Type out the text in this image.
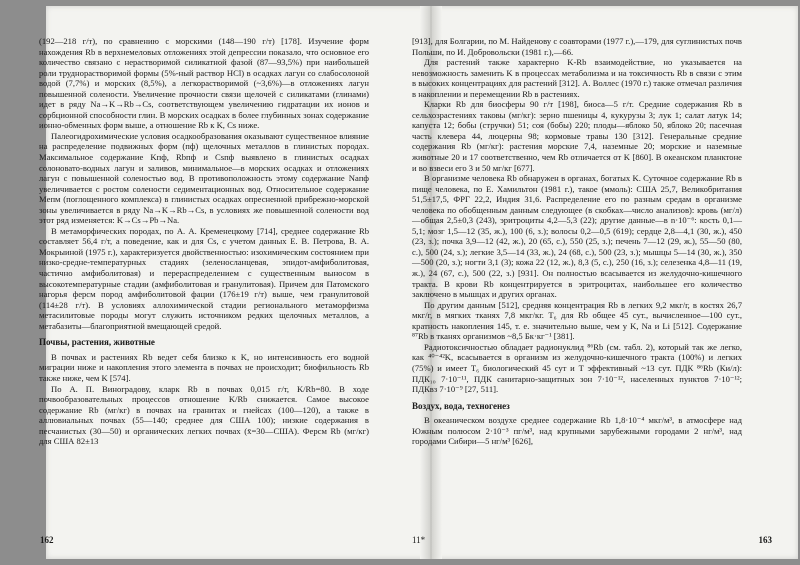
(192—218 г/т), по сравнению с морскими (148—190 г/т) [178]. Изучение форм нахождения Rb в верхнемеловых отложениях этой депрессии показало, что основное его количество связано с нерастворимой силикатной фазой (87—93,5%) при наибольшей роли труднорастворимой формы (5%-ный раствор HCl) в осадках лагун со слабосолоной водой (7,7%) и морских (8,5%), а легкорастворимой (~3,6%)—в отложениях лагун повышенной солености. Увеличение прочности связи щелочей с силикатами (глинами) идет в ряду Na→K→Rb→Cs, соответствующем увеличению гидратации их ионов и сорбционной способности глин. В морских осадках в более глубинных зонах содержание ионно-обменных форм выше, а отношение Rb к K, Cs ниже.

Палеогидрохимические условия осадкообразования оказывают существенное влияние на распределение подвижных форм (пф) щелочных металлов в глинистых породах. Максимальное содержание Kпф, Rbпф и Csпф выявлено в глинистых осадках солоновато-водных лагун и заливов, минимальное—в морских осадках и отложениях лагун с повышенной соленостью вод. В противоположность этому содержание Naпф увеличивается с ростом солености седиментационных вод. Относительное содержание Meпм (поглощенного комплекса) в глинистых осадках опресненной прибрежно-морской зоны увеличивается в ряду Na→K→Rb→Cs, в условиях же повышенной солености вод этот ряд изменяется: K→Cs→Pb→Na.

В метаморфических породах, по А. А. Кременецкому [714], среднее содержание Rb составляет 56,4 г/т, а поведение, как и для Cs, с учетом данных Е. В. Петрова, В. А. Мокрыиной (1975 г.), характеризуется двойственностью: изохимическим состоянием при низко-средне-температурных стадиях (зеленосланцевая, эпидот-амфиболитовая, частично амфиболитовая) и перераспределением с существенным выносом в высокотемпературные стадии (амфиболитовая и гранулитовая). Причем для Патомского нагорья ферсм пород амфиболитовой фации (176±19 г/т) выше, чем гранулитовой (114±28 г/т). В условиях аллохимической стадии регионального метаморфизма метасилитовые породы могут служить источником редких щелочных металлов, а метабазиты—благоприятной вмещающей средой.

Почвы, растения, животные

В почвах и растениях Rb ведет себя близко к K, но интенсивность его водной миграции ниже и накопления этого элемента в почвах не происходит; биофильность Rb также ниже, чем K [574].

По А. П. Виноградову, кларк Rb в почвах 0,015 г/т, K/Rb=80. В ходе почвообразовательных процессов отношение K/Rb снижается. Самое высокое содержание Rb (мг/кг) в почвах на гранитах и гнейсах (100—120), а также в аллювиальных почвах (55—140; среднее для США 100); низкие содержания в песчанистых (30—50) и органических легких почвах (x̄=30—США). Ферсм Rb (мг/кг) для США 82±13

162

[913], для Болгарии, по М. Найденову с соавторами (1977 г.),—179, для суглинистых почв Польши, по И. Добровольски (1981 г.),—66.

Для растений также характерно K-Rb взаимодействие, но указывается на невозможность заменить K в процессах метаболизма и на токсичность Rb в связи с этим в высоких концентрациях для растений [312]. А. Воллес (1970 г.) также отмечал различия в накоплении и перемещении Rb в растениях.

Кларки Rb для биосферы 90 г/т [198], биоса—5 г/т. Средние содержания Rb в сельхозрастениях таковы (мг/кг): зерно пшеницы 4, кукурузы 3; лук 1; салат латук 14; капуста 12; бобы (стручки) 51; соя (бобы) 220; плоды—яблоко 50, яблоко 20; пасечная часть клевера 44, люцерны 98; кормовые травы 130 [312]. Генеральные средние содержания Rb (мг/кг): растения морские 7,4, наземные 20; морские и наземные животные 20 и 17 соответственно, чем Rb отличается от K [860]. В океанском планктоне и во взвеси его 3 и 50 мг/кг [677].

В организме человека Rb обнаружен в органах, богатых K. Суточное содержание Rb в пище человека, по Е. Хамильтон (1981 г.), такое (ммоль): США 25,7, Великобритания 51,5±17,5, ФРГ 22,2, Индия 31,6. Распределение его по разным средам в организме человека по обобщенным данным следующее (в скобках—число анализов): кровь (мг/л)—общая 2,5±0,3 (243), эритроциты 4,2—5,3 (22); другие данные—в n·10⁻⁶: кость 0,1—5,1; мозг 1,5—12 (35, ж.), 100 (6, з.); волосы 0,2—0,5 (619); сердце 2,8—4,1 (30, ж.), 450 (23, з.); почка 3,9—12 (42, ж.), 20 (65, с.), 550 (25, з.); печень 7—12 (29, ж.), 55—50 (80, с.), 500 (24, з.); легкие 3,5—14 (33, ж.), 24 (68, с.), 500 (23, з.); мышцы 5—14 (30, ж.), 350—500 (20, з.); ногти 3,1 (3); кожа 22 (12, ж.), 8,3 (5, с.), 250 (16, з.); селезенка 4,8—11 (19, ж.), 24 (67, с.), 500 (22, з.) [931]. Он полностью всасывается из желудочно-кишечного тракта. В крови Rb концентрируется в эритроцитах, наибольшее его количество заключено в мышцах и других органах.

По другим данным [512], средняя концентрация Rb в легких 9,2 мкг/г, в костях 26,7 мкг/г, в мягких тканях 7,8 мкг/кг. T₆ для Rb общее 45 сут., вычисленное—100 сут., кратность накопления 145, т. е. значительно выше, чем у K, Na и Li [512]. Содержание ⁸⁷Rb в тканях организмов ~8,5 Бк·кг⁻¹ [381].

Радиотоксичностью обладает радионуклид ⁸⁶Rb (см. табл. 2), который так же легко, как ⁴⁰⁻⁴²K, всасывается в организм из желудочно-кишечного тракта (100%) и легких (75%) и имеет T₆ биологический 45 сут и T эффективный ~13 сут. ПДК ⁸⁶Rb (Ки/л): ПДК₁₀ 7·10⁻¹¹, ПДК санитарно-защитных зон 7·10⁻¹², населенных пунктов 7·10⁻¹²; ПДКвз 7·10⁻⁹ [27, 511].

Воздух, вода, техногенез

В океаническом воздухе среднее содержание Rb 1,8·10⁻⁴ мкг/м³, в атмосфере над Южным полюсом 2·10⁻³ пг/м³, над крупными зарубежными городами 2 нг/м³, над городами Сибири—5 нг/м³ [626],

11*	163
